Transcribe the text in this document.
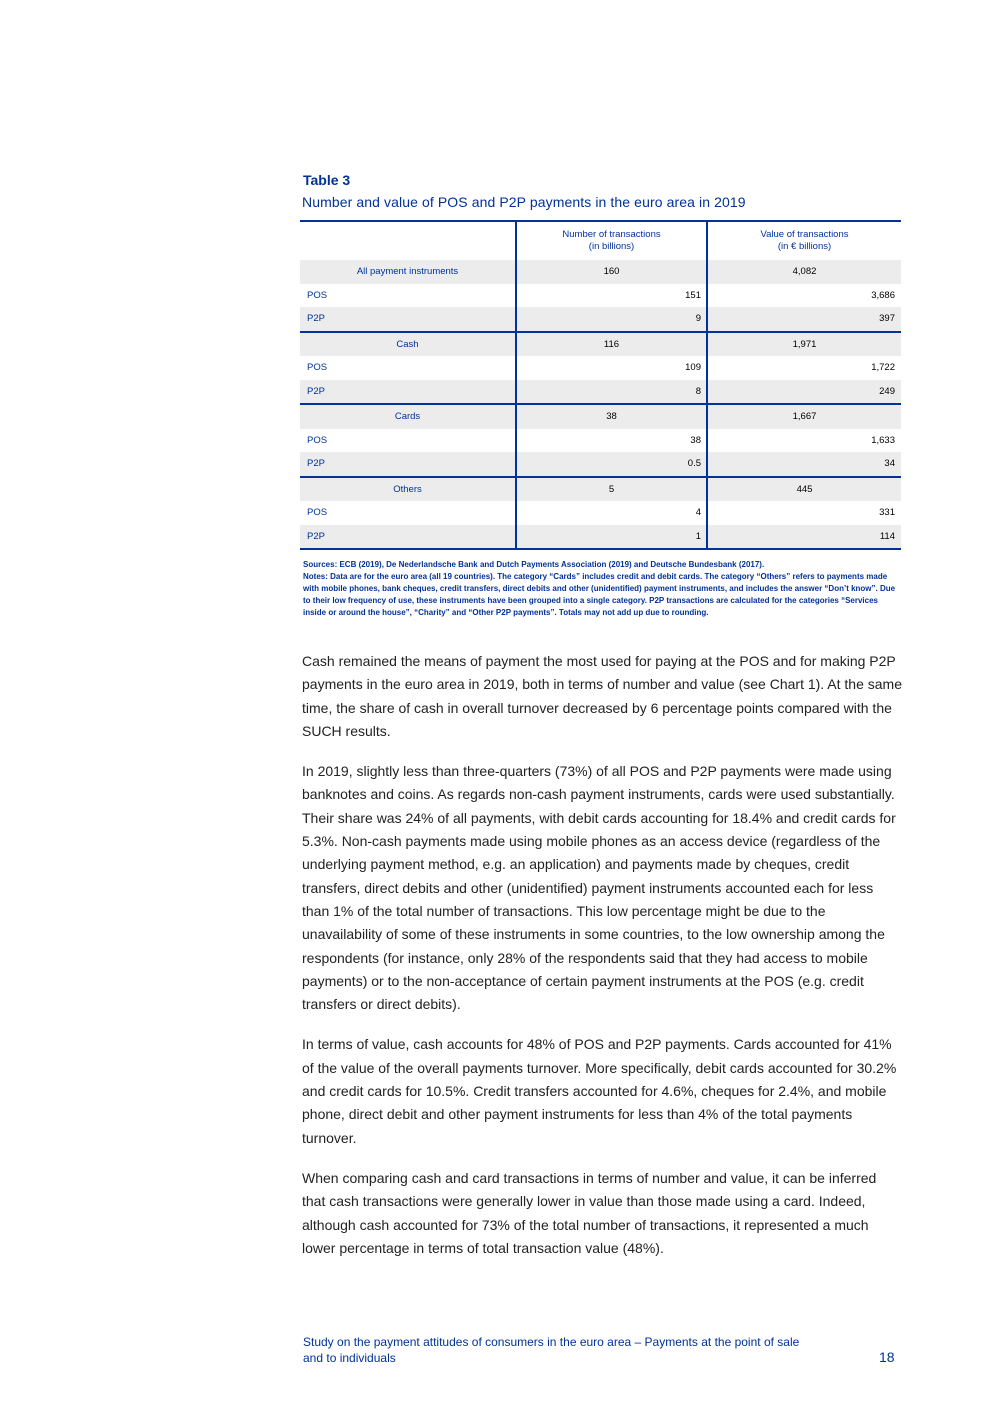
Table 3
Number and value of POS and P2P payments in the euro area in 2019
Number of transactions
(in billions)
Value of transactions
(in € billions)
All payment instruments	160	4,082
POS	151	3,686
P2P	9	397
Cash	116	1,971
POS	109	1,722
P2P	8	249
Cards	38	1,667
POS	38	1,633
P2P	0.5	34
Others	5	445
POS	4	331
P2P	1	114
Sources: ECB (2019), De Nederlandsche Bank and Dutch Payments Association (2019) and Deutsche Bundesbank (2017).
Notes: Data are for the euro area (all 19 countries). The category “Cards” includes credit and debit cards. The category “Others” refers to payments made with mobile phones, bank cheques, credit transfers, direct debits and other (unidentified) payment instruments, and includes the answer “Don’t know”. Due to their low frequency of use, these instruments have been grouped into a single category. P2P transactions are calculated for the categories “Services inside or around the house”, “Charity” and “Other P2P payments”. Totals may not add up due to rounding.

Cash remained the means of payment the most used for paying at the POS and for making P2P payments in the euro area in 2019, both in terms of number and value (see Chart 1). At the same time, the share of cash in overall turnover decreased by 6 percentage points compared with the SUCH results.

In 2019, slightly less than three-quarters (73%) of all POS and P2P payments were made using banknotes and coins. As regards non-cash payment instruments, cards were used substantially. Their share was 24% of all payments, with debit cards accounting for 18.4% and credit cards for 5.3%. Non-cash payments made using mobile phones as an access device (regardless of the underlying payment method, e.g. an application) and payments made by cheques, credit transfers, direct debits and other (unidentified) payment instruments accounted each for less than 1% of the total number of transactions. This low percentage might be due to the unavailability of some of these instruments in some countries, to the low ownership among the respondents (for instance, only 28% of the respondents said that they had access to mobile payments) or to the non-acceptance of certain payment instruments at the POS (e.g. credit transfers or direct debits).

In terms of value, cash accounts for 48% of POS and P2P payments. Cards accounted for 41% of the value of the overall payments turnover. More specifically, debit cards accounted for 30.2% and credit cards for 10.5%. Credit transfers accounted for 4.6%, cheques for 2.4%, and mobile phone, direct debit and other payment instruments for less than 4% of the total payments turnover.

When comparing cash and card transactions in terms of number and value, it can be inferred that cash transactions were generally lower in value than those made using a card. Indeed, although cash accounted for 73% of the total number of transactions, it represented a much lower percentage in terms of total transaction value (48%).

Study on the payment attitudes of consumers in the euro area – Payments at the point of sale
and to individuals	18
